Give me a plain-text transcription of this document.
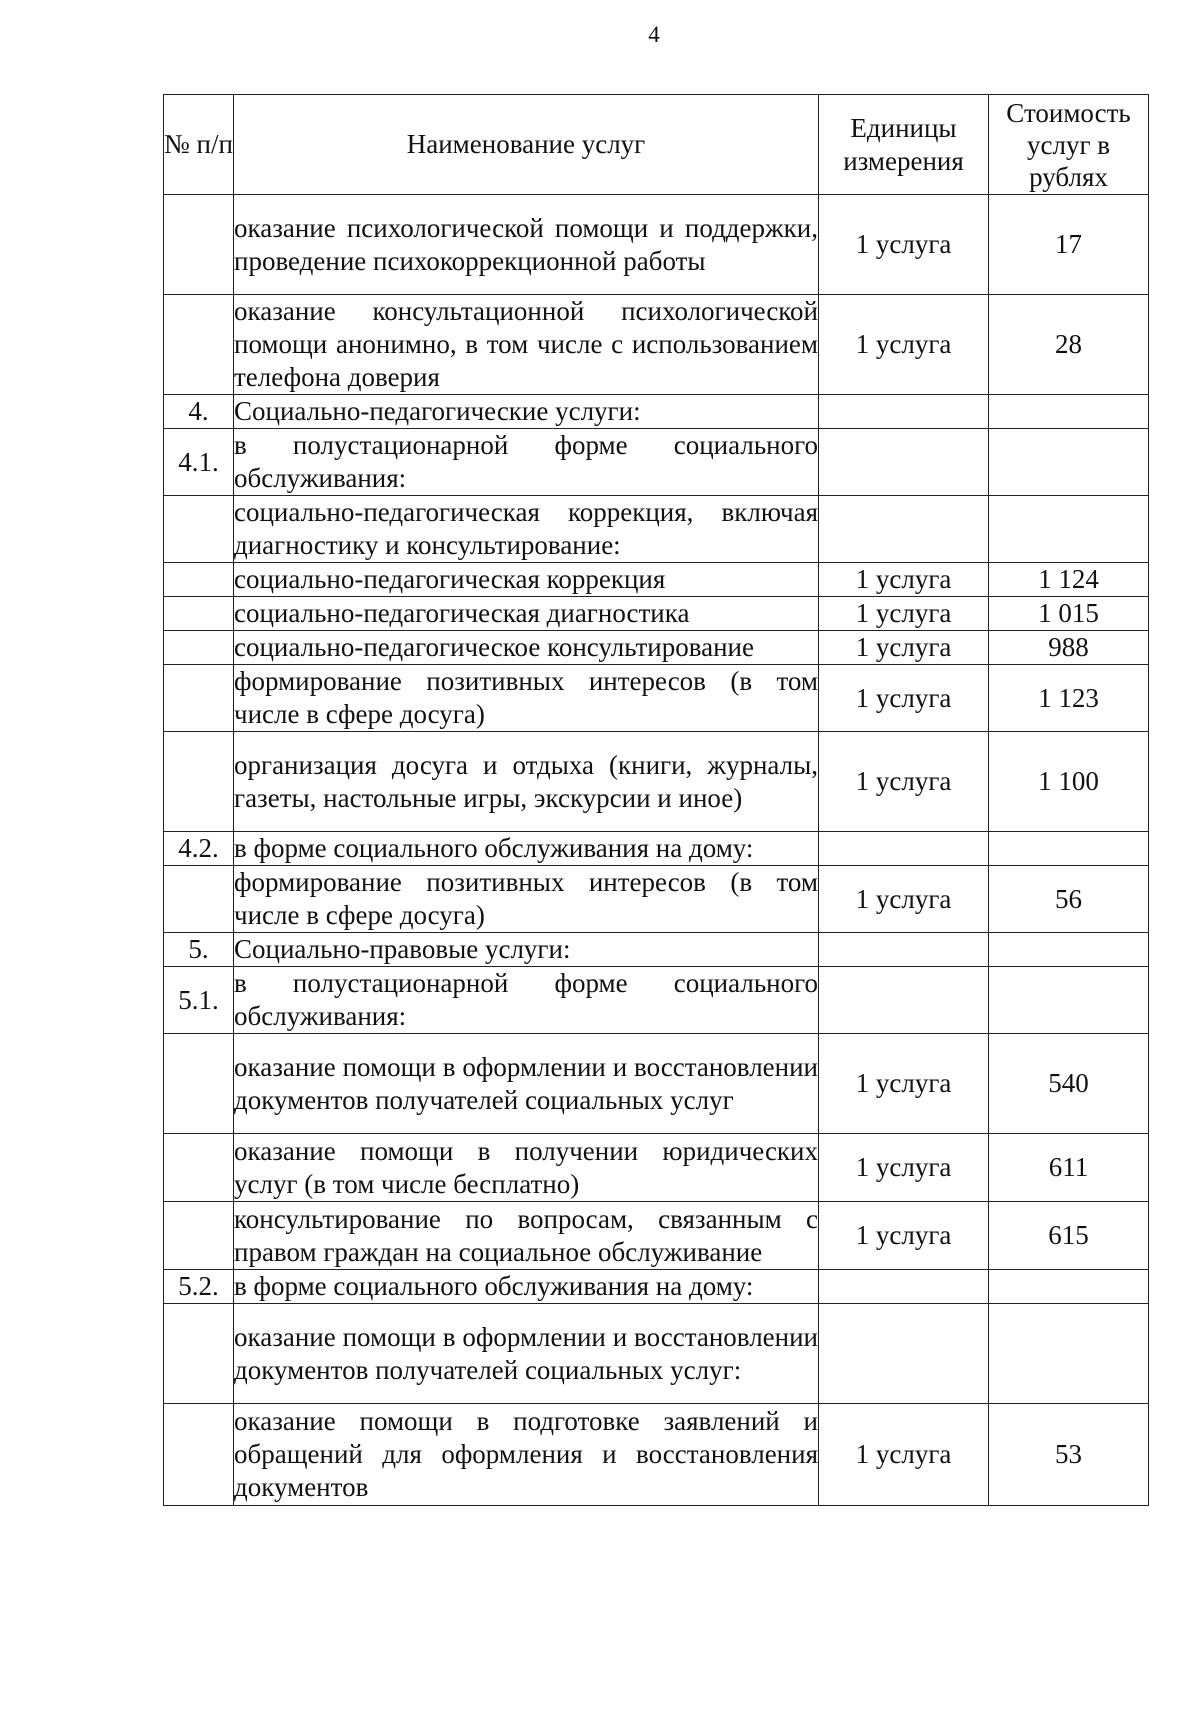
4
№ п/п	Наименование услуг	Единицы измерения	Стоимость услуг в рублях
	оказание психологической помощи и поддержки, проведение психокоррекционной работы	1 услуга	17
	оказание консультационной психологической помощи анонимно, в том числе с использованием телефона доверия	1 услуга	28
4.	Социально-педагогические услуги:		
4.1.	в полустационарной форме социального обслуживания:		
	социально-педагогическая коррекция, включая диагностику и консультирование:		
	социально-педагогическая коррекция	1 услуга	1 124
	социально-педагогическая диагностика	1 услуга	1 015
	социально-педагогическое консультирование	1 услуга	988
	формирование позитивных интересов (в том числе в сфере досуга)	1 услуга	1 123
	организация досуга и отдыха (книги, журналы, газеты, настольные игры, экскурсии и иное)	1 услуга	1 100
4.2.	в форме социального обслуживания на дому:		
	формирование позитивных интересов (в том числе в сфере досуга)	1 услуга	56
5.	Социально-правовые услуги:		
5.1.	в полустационарной форме социального обслуживания:		
	оказание помощи в оформлении и восстановлении документов получателей социальных услуг	1 услуга	540
	оказание помощи в получении юридических услуг (в том числе бесплатно)	1 услуга	611
	консультирование по вопросам, связанным с правом граждан на социальное обслуживание	1 услуга	615
5.2.	в форме социального обслуживания на дому:		
	оказание помощи в оформлении и восстановлении документов получателей социальных услуг:		
	оказание помощи в подготовке заявлений и обращений для оформления и восстановления документов	1 услуга	53
